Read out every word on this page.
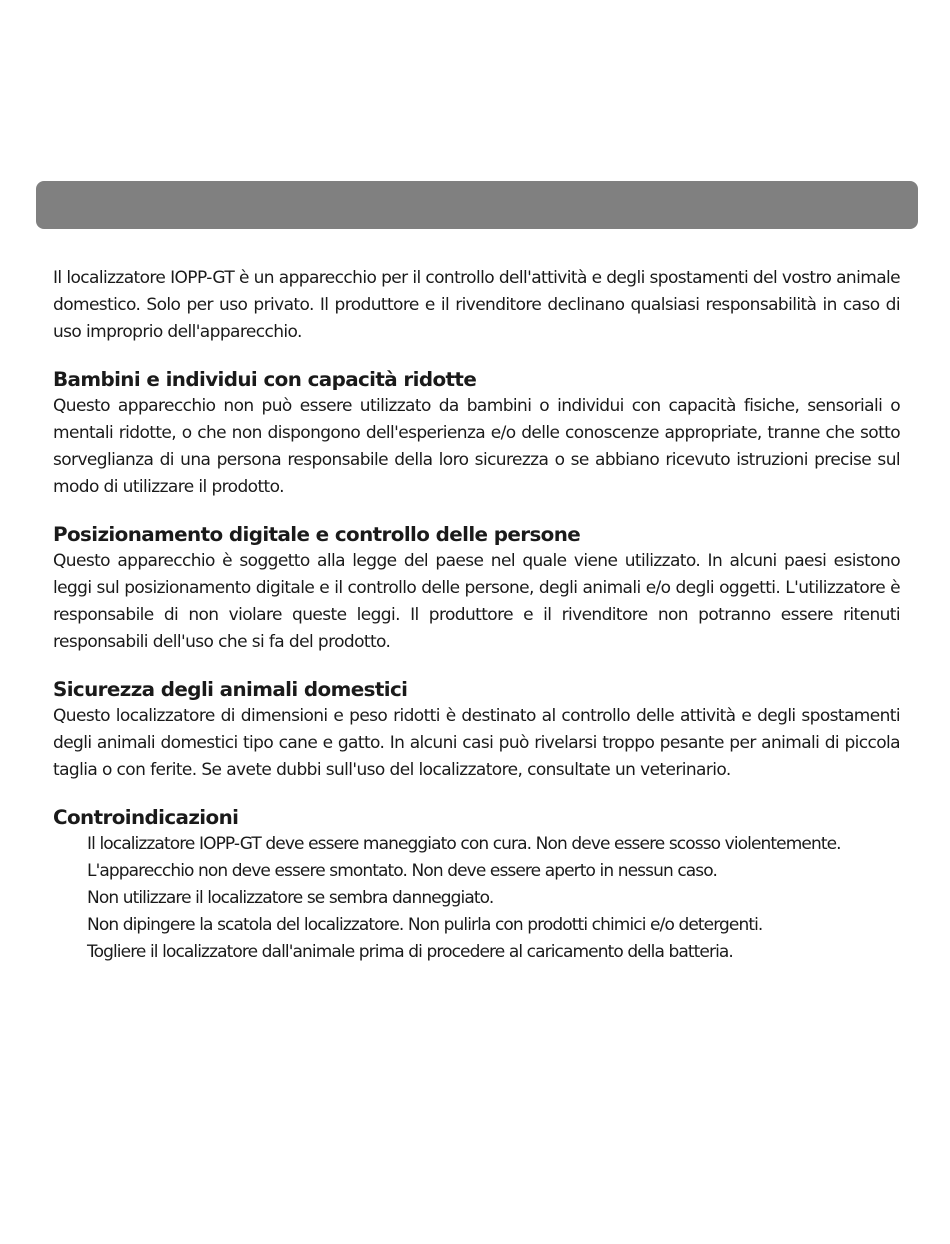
Il localizzatore IOPP-GT è un apparecchio per il controllo dell'attività e degli spostamenti del vostro animale domestico. Solo per uso privato. Il produttore e il rivenditore declinano qualsiasi responsabilità in caso di uso improprio dell'apparecchio.

Bambini e individui con capacità ridotte

Questo apparecchio non può essere utilizzato da bambini o individui con capacità fisiche, sensoriali o mentali ridotte, o che non dispongono dell'esperienza e/o delle conoscenze appropriate, tranne che sotto sorveglianza di una persona responsabile della loro sicurezza o se abbiano ricevuto istruzioni precise sul modo di utilizzare il prodotto.

Posizionamento digitale e controllo delle persone

Questo apparecchio è soggetto alla legge del paese nel quale viene utilizzato. In alcuni paesi esistono leggi sul posizionamento digitale e il controllo delle persone, degli animali e/o degli oggetti. L'utilizzatore è responsabile di non violare queste leggi. Il produttore e il rivenditore non potranno essere ritenuti responsabili dell'uso che si fa del prodotto.

Sicurezza degli animali domestici

Questo localizzatore di dimensioni e peso ridotti è destinato al controllo delle attività e degli spostamenti degli animali domestici tipo cane e gatto. In alcuni casi può rivelarsi troppo pesante per animali di piccola taglia o con ferite. Se avete dubbi sull'uso del localizzatore, consultate un veterinario.

Controindicazioni
Il localizzatore IOPP-GT deve essere maneggiato con cura. Non deve essere scosso violentemente.
L'apparecchio non deve essere smontato. Non deve essere aperto in nessun caso.
Non utilizzare il localizzatore se sembra danneggiato.
Non dipingere la scatola del localizzatore. Non pulirla con prodotti chimici e/o detergenti.
Togliere il localizzatore dall'animale prima di procedere al caricamento della batteria.
